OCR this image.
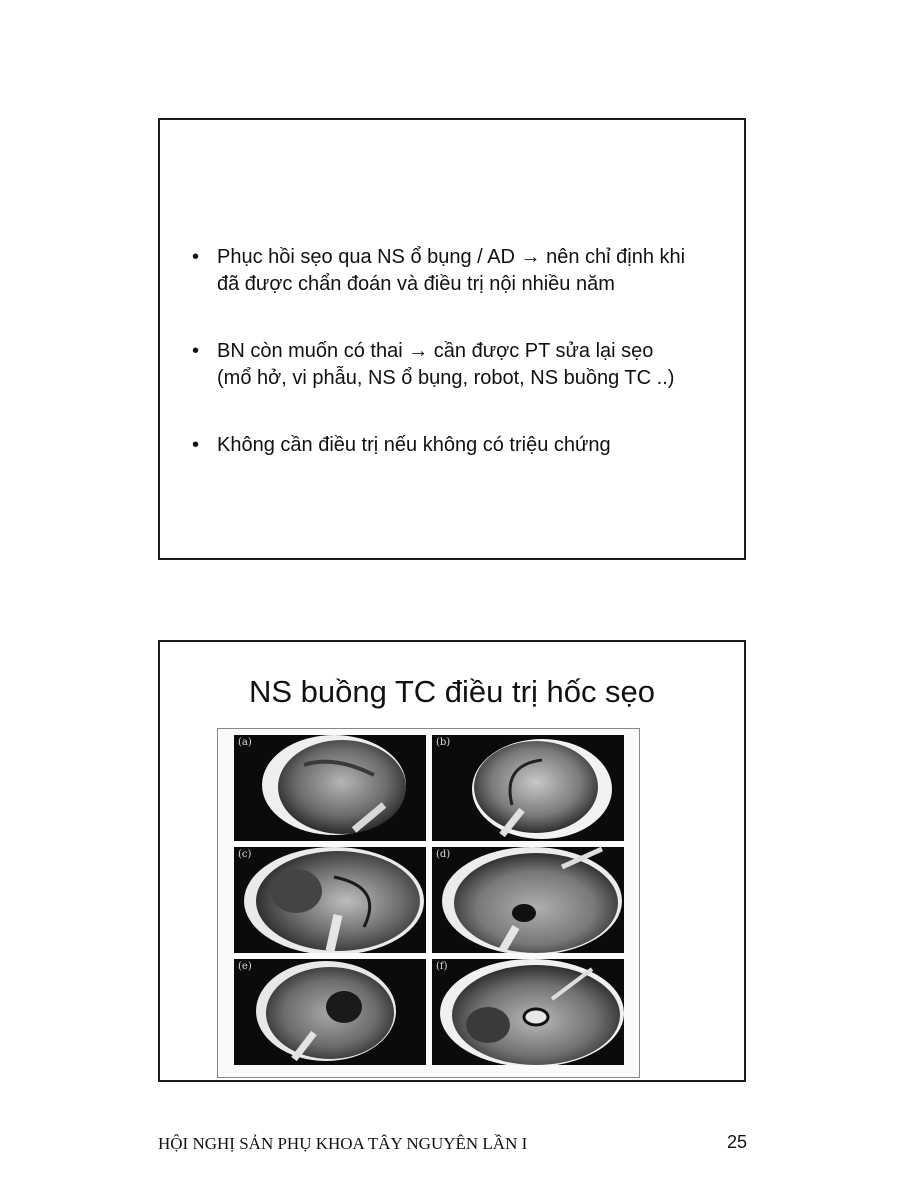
• Phục hồi sẹo qua NS ổ bụng / AD → nên chỉ định khi
đã được chẩn đoán và điều trị nội nhiều năm
• BN còn muốn có thai → cần được PT sửa lại sẹo
(mổ hở, vi phẫu, NS ổ bụng, robot, NS buồng TC ..)
• Không cần điều trị nếu không có triệu chứng
NS buồng TC điều trị hốc sẹo
(a)	(b)
(c)	(d)
(e)	(f)
HỘI NGHỊ SẢN PHỤ KHOA TÂY NGUYÊN LẦN I	25
